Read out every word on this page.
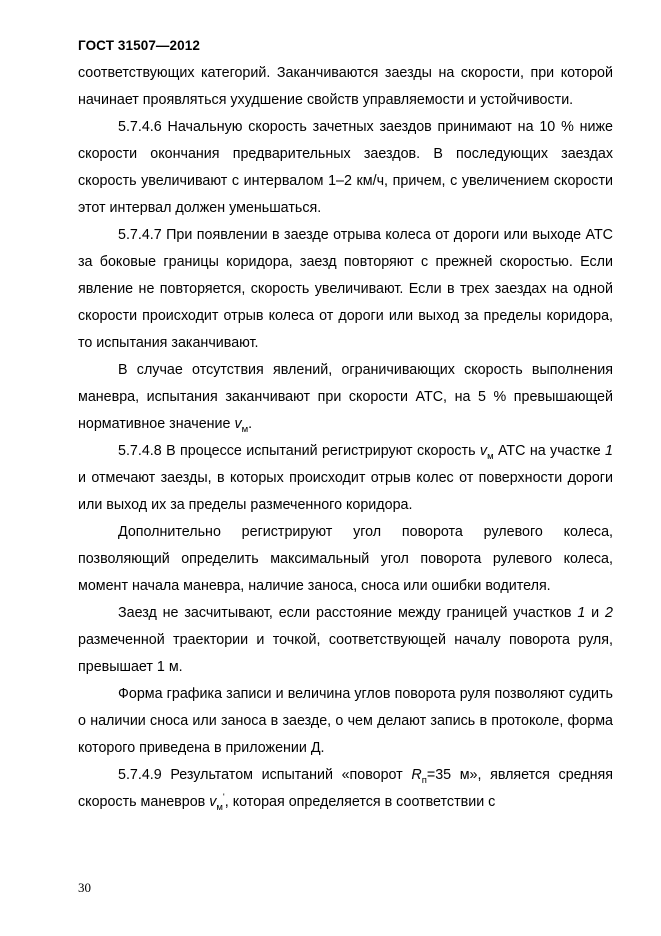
ГОСТ 31507—2012

соответствующих категорий. Заканчиваются заезды на скорости, при которой начинает проявляться ухудшение свойств управляемости и устойчивости.

5.7.4.6 Начальную скорость зачетных заездов принимают на 10 % ниже скорости окончания предварительных заездов. В последующих заездах скорость увеличивают с интервалом 1–2 км/ч, причем, с увеличением скорости этот интервал должен уменьшаться.

5.7.4.7 При появлении в заезде отрыва колеса от дороги или выходе АТС за боковые границы коридора, заезд повторяют с прежней скоростью. Если явление не повторяется, скорость увеличивают. Если в трех заездах на одной скорости происходит отрыв колеса от дороги или выход за пределы коридора, то испытания заканчивают.

В случае отсутствия явлений, ограничивающих скорость выполнения маневра, испытания заканчивают при скорости АТС, на 5 % превышающей нормативное значение $v_м$.

5.7.4.8 В процессе испытаний регистрируют скорость $v_м$ АТС на участке 1 и отмечают заезды, в которых происходит отрыв колес от поверхности дороги или выход их за пределы размеченного коридора.

Дополнительно регистрируют угол поворота рулевого колеса, позволяющий определить максимальный угол поворота рулевого колеса, момент начала маневра, наличие заноса, сноса или ошибки водителя.

Заезд не засчитывают, если расстояние между границей участков 1 и 2 размеченной траектории и точкой, соответствующей началу поворота руля, превышает 1 м.

Форма графика записи и величина углов поворота руля позволяют судить о наличии сноса или заноса в заезде, о чем делают запись в протоколе, форма которого приведена в приложении Д.

5.7.4.9 Результатом испытаний «поворот $R_п=35$ м», является средняя скорость маневров $v_м'$, которая определяется в соответствии с

30
